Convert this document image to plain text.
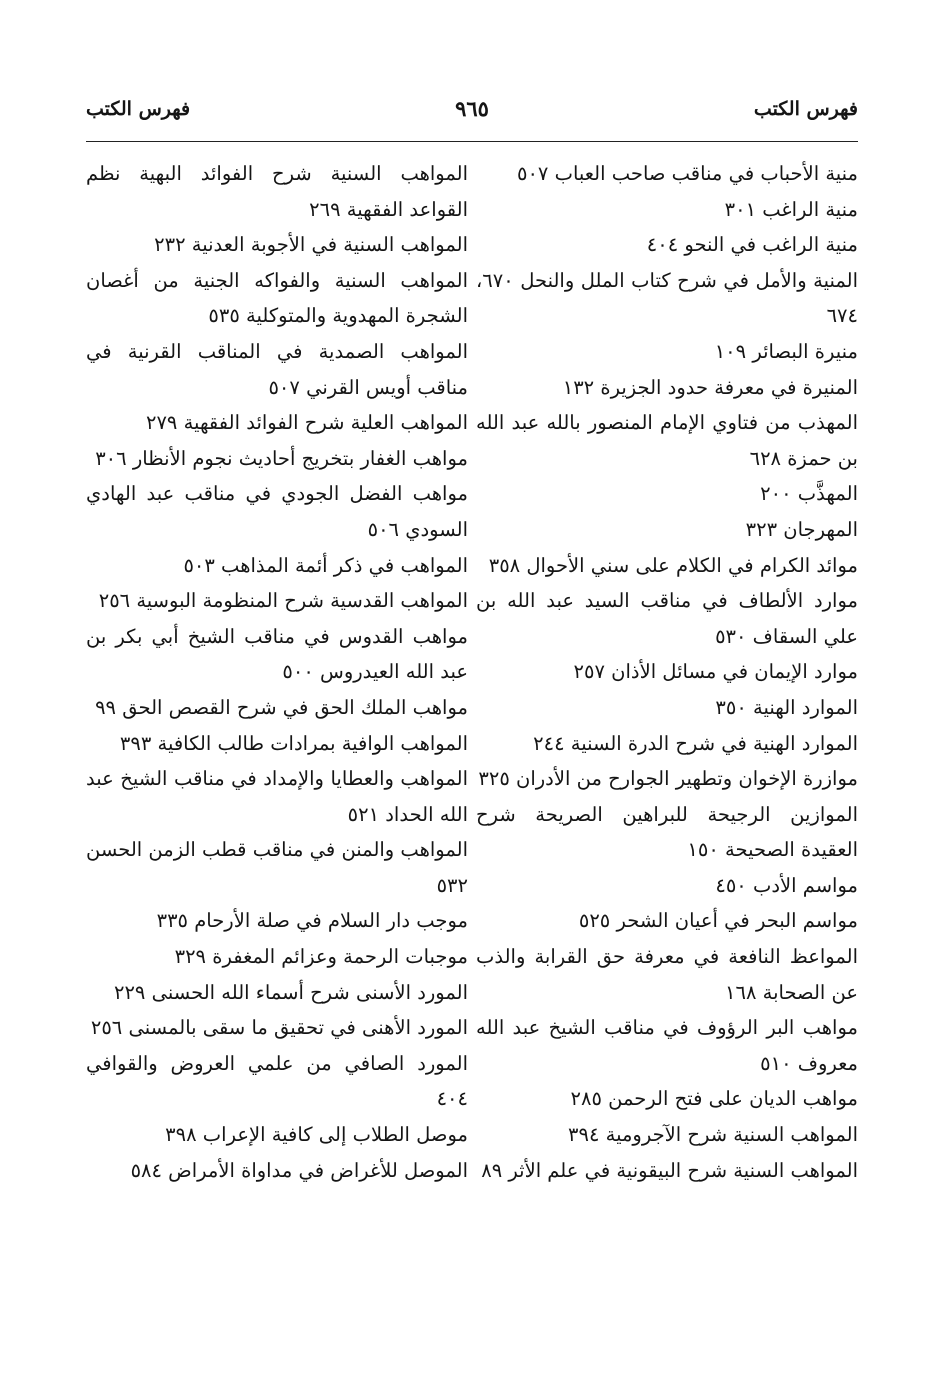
فهرس الكتب
٩٦٥
فهرس الكتب
منية الأحباب في مناقب صاحب العباب ٥٠٧
منية الراغب ٣٠١
منية الراغب في النحو ٤٠٤
المنية والأمل في شرح كتاب الملل والنحل ٦٧٠، ٦٧٤
منيرة البصائر ١٠٩
المنيرة في معرفة حدود الجزيرة ١٣٢
المهذب من فتاوي الإمام المنصور بالله عبد الله بن حمزة ٦٢٨
المهذَّب ٢٠٠
المهرجان ٣٢٣
موائد الكرام في الكلام على سني الأحوال ٣٥٨
موارد الألطاف في مناقب السيد عبد الله بن علي السقاف ٥٣٠
موارد الإيمان في مسائل الأذان ٢٥٧
الموارد الهنية ٣٥٠
الموارد الهنية في شرح الدرة السنية ٢٤٤
موازرة الإخوان وتطهير الجوارح من الأدران ٣٢٥
الموازين الرجيحة للبراهين الصريحة شرح العقيدة الصحيحة ١٥٠
مواسم الأدب ٤٥٠
مواسم البحر في أعيان الشحر ٥٢٥
المواعظ النافعة في معرفة حق القرابة والذب عن الصحابة ١٦٨
مواهب البر الرؤوف في مناقب الشيخ عبد الله معروف ٥١٠
مواهب الديان على فتح الرحمن ٢٨٥
المواهب السنية شرح الآجرومية ٣٩٤
المواهب السنية شرح البيقونية في علم الأثر ٨٩
المواهب السنية شرح الفوائد البهية نظم القواعد الفقهية ٢٦٩
المواهب السنية في الأجوبة العدنية ٢٣٢
المواهب السنية والفواكه الجنية من أغصان الشجرة المهدوية والمتوكلية ٥٣٥
المواهب الصمدية في المناقب القرنية في مناقب أويس القرني ٥٠٧
المواهب العلية شرح الفوائد الفقهية ٢٧٩
مواهب الغفار بتخريج أحاديث نجوم الأنظار ٣٠٦
مواهب الفضل الجودي في مناقب عبد الهادي السودي ٥٠٦
المواهب في ذكر أئمة المذاهب ٥٠٣
المواهب القدسية شرح المنظومة البوسية ٢٥٦
مواهب القدوس في مناقب الشيخ أبي بكر بن عبد الله العيدروس ٥٠٠
مواهب الملك الحق في شرح القصص الحق ٩٩
المواهب الوافية بمرادات طالب الكافية ٣٩٣
المواهب والعطايا والإمداد في مناقب الشيخ عبد الله الحداد ٥٢١
المواهب والمنن في مناقب قطب الزمن الحسن ٥٣٢
موجب دار السلام في صلة الأرحام ٣٣٥
موجبات الرحمة وعزائم المغفرة ٣٢٩
المورد الأسنى شرح أسماء الله الحسنى ٢٢٩
المورد الأهنى في تحقيق ما سقى بالمسنى ٢٥٦
المورد الصافي من علمي العروض والقوافي ٤٠٤
موصل الطلاب إلى كافية الإعراب ٣٩٨
الموصل للأغراض في مداواة الأمراض ٥٨٤
